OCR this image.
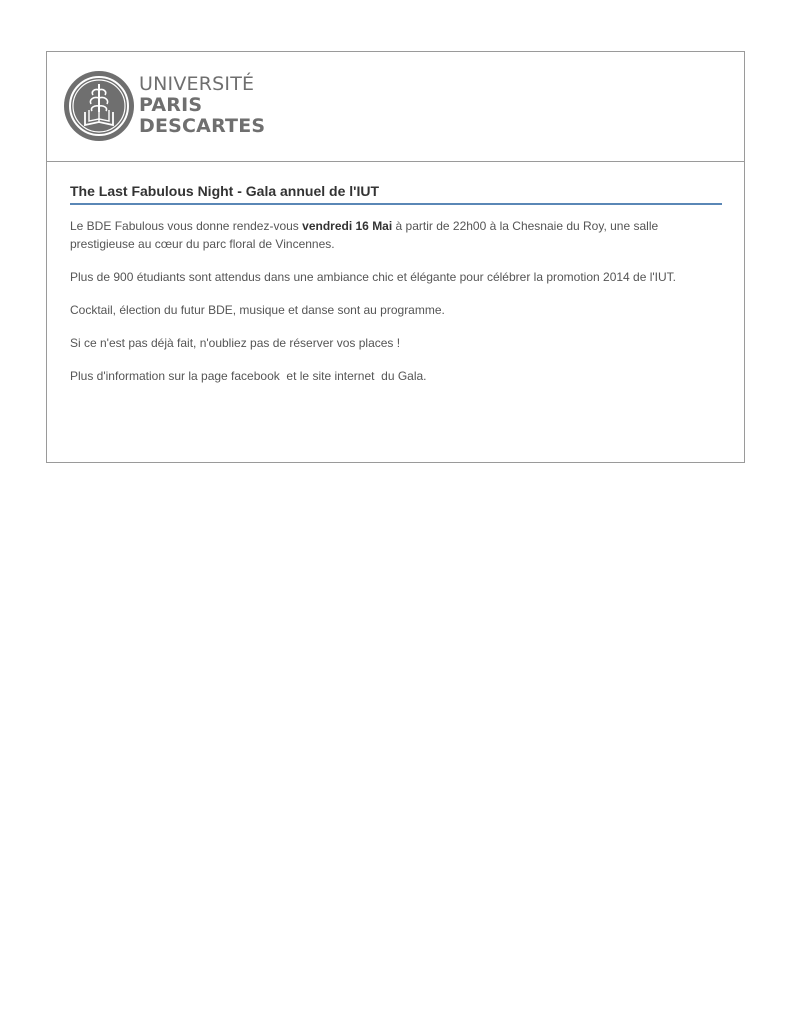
UNIVERSITÉ
PARIS
DESCARTES
The Last Fabulous Night - Gala annuel de l'IUT

Le BDE Fabulous vous donne rendez-vous vendredi 16 Mai à partir de 22h00 à la Chesnaie du Roy, une salle prestigieuse au cœur du parc floral de Vincennes.

Plus de 900 étudiants sont attendus dans une ambiance chic et élégante pour célébrer la promotion 2014 de l'IUT.

Cocktail, élection du futur BDE, musique et danse sont au programme.

Si ce n'est pas déjà fait, n'oubliez pas de réserver vos places !

Plus d'information sur la page facebook  et le site internet  du Gala.
